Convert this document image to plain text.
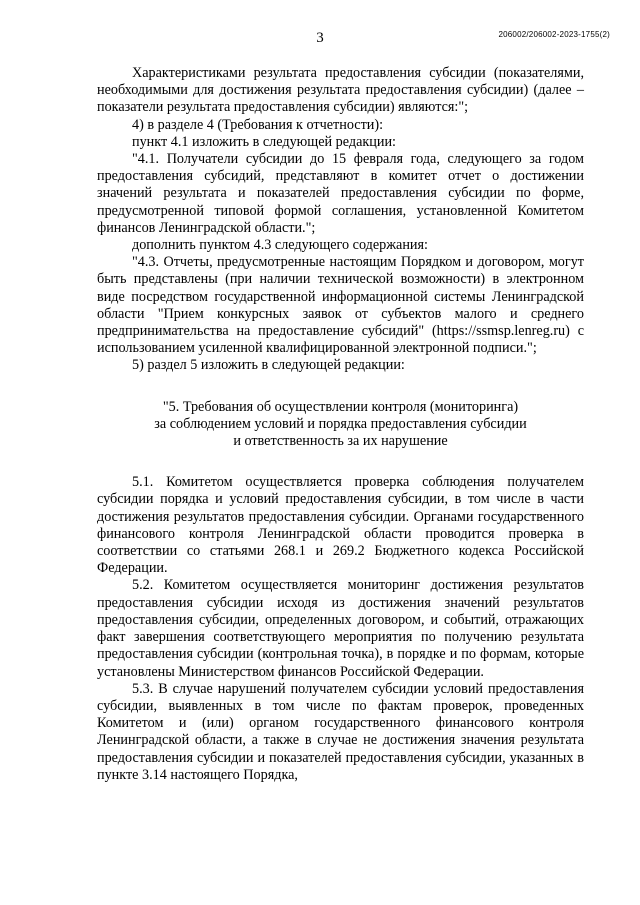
3	206002/206002-2023-1755(2)

Характеристиками результата предоставления субсидии (показателями, необходимыми для достижения результата предоставления субсидии) (далее – показатели результата предоставления субсидии) являются:";

4) в разделе 4 (Требования к отчетности):

пункт 4.1 изложить в следующей редакции:

"4.1. Получатели субсидии до 15 февраля года, следующего за годом предоставления субсидий, представляют в комитет отчет о достижении значений результата и показателей предоставления субсидии по форме, предусмотренной типовой формой соглашения, установленной Комитетом финансов Ленинградской области.";

дополнить пунктом 4.3 следующего содержания:

"4.3. Отчеты, предусмотренные настоящим Порядком и договором, могут быть представлены (при наличии технической возможности) в электронном виде посредством государственной информационной системы Ленинградской области "Прием конкурсных заявок от субъектов малого и среднего предпринимательства на предоставление субсидий" (https://ssmsp.lenreg.ru) с использованием усиленной квалифицированной электронной подписи.";

5) раздел 5 изложить в следующей редакции:

"5. Требования об осуществлении контроля (мониторинга)

за соблюдением условий и порядка предоставления субсидии

и ответственность за их нарушение

5.1. Комитетом осуществляется проверка соблюдения получателем субсидии порядка и условий предоставления субсидии, в том числе в части достижения результатов предоставления субсидии. Органами государственного финансового контроля Ленинградской области проводится проверка в соответствии со статьями 268.1 и 269.2 Бюджетного кодекса Российской Федерации.

5.2. Комитетом осуществляется мониторинг достижения результатов предоставления субсидии исходя из достижения значений результатов предоставления субсидии, определенных договором, и событий, отражающих факт завершения соответствующего мероприятия по получению результата предоставления субсидии (контрольная точка), в порядке и по формам, которые установлены Министерством финансов Российской Федерации.

5.3. В случае нарушений получателем субсидии условий предоставления субсидии, выявленных в том числе по фактам проверок, проведенных Комитетом и (или) органом государственного финансового контроля Ленинградской области, а также в случае не достижения значения результата предоставления субсидии и показателей предоставления субсидии, указанных в пункте 3.14 настоящего Порядка,
